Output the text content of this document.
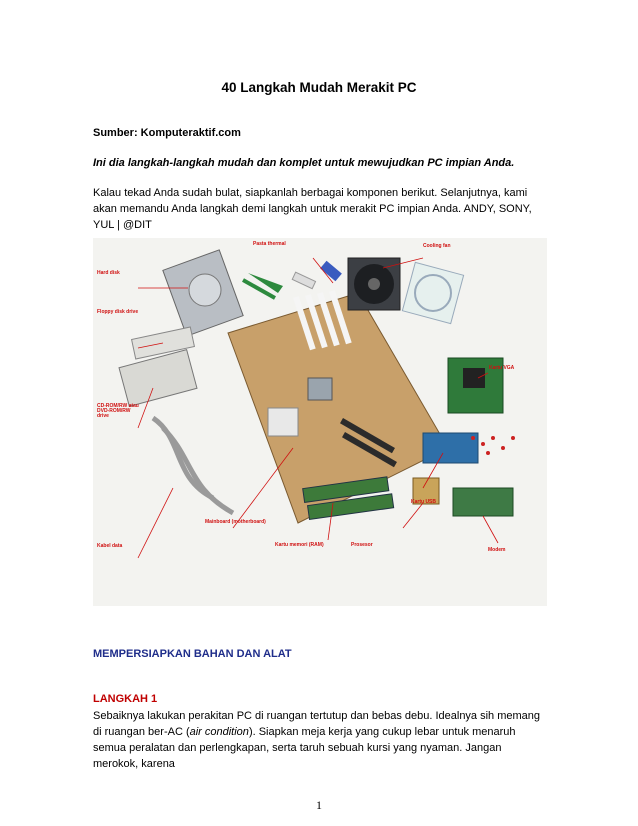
40 Langkah Mudah Merakit PC
Sumber: Komputeraktif.com
Ini dia langkah-langkah mudah dan komplet untuk mewujudkan PC impian Anda.
Kalau tekad Anda sudah bulat, siapkanlah berbagai komponen berikut. Selanjutnya, kami akan memandu Anda langkah demi langkah untuk merakit PC impian Anda. ANDY, SONY, YUL | @DIT
Hard disk
Floppy disk drive
CD-ROM/RW atau DVD-ROM/RW drive
Kabel data
Mainboard (motherboard)
Kartu memori (RAM)	Prosesor
Kartu USB
Kartu VGA
Modem
Cooling fan
Pasta thermal
MEMPERSIAPKAN BAHAN DAN ALAT
LANGKAH 1
Sebaiknya lakukan perakitan PC di ruangan tertutup dan bebas debu. Idealnya sih memang di ruangan ber-AC (air condition). Siapkan meja kerja yang cukup lebar untuk menaruh semua peralatan dan perlengkapan, serta taruh sebuah kursi yang nyaman. Jangan merokok, karena
1
